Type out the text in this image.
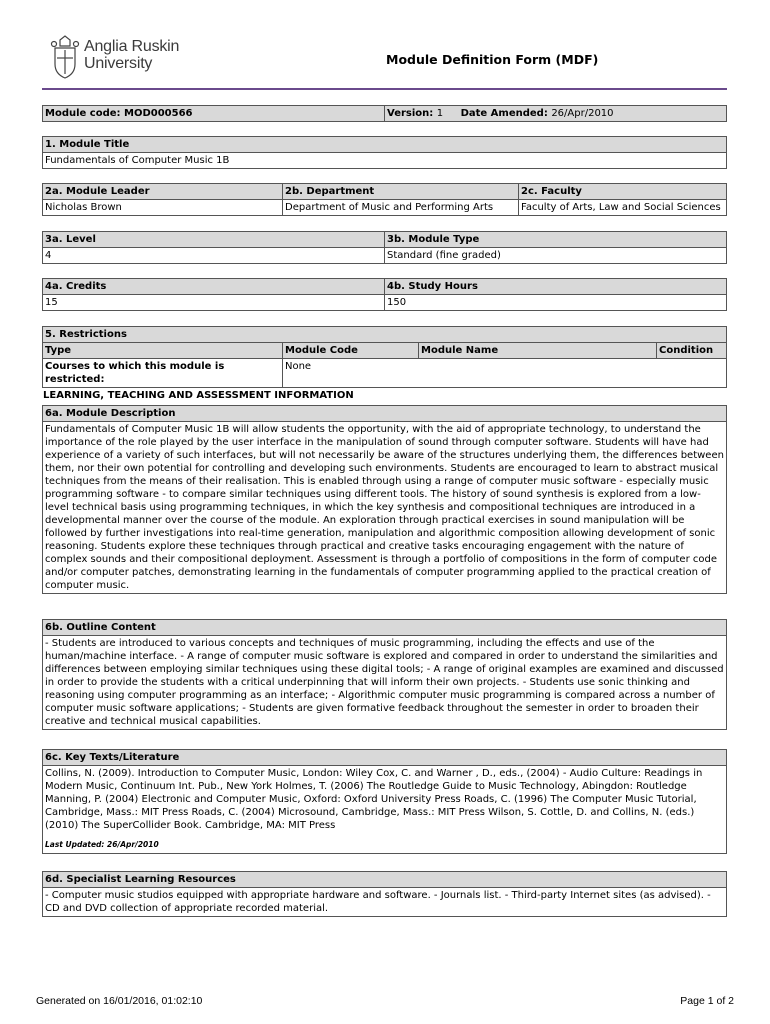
Anglia Ruskin
University	Module Definition Form (MDF)
Module code: MOD000566	Version: 1 Date Amended: 26/Apr/2010
1. Module Title
Fundamentals of Computer Music 1B
2a. Module Leader	2b. Department	2c. Faculty
Nicholas Brown	Department of Music and Performing Arts	Faculty of Arts, Law and Social Sciences
3a. Level	3b. Module Type
4	Standard (fine graded)
4a. Credits	4b. Study Hours
15	150
5. Restrictions			
Type	Module Code	Module Name	Condition
Courses to which this module is restricted:	None		
LEARNING, TEACHING AND ASSESSMENT INFORMATION
6a. Module Description
Fundamentals of Computer Music 1B will allow students the opportunity, with the aid of appropriate technology, to understand the importance of the role played by the user interface in the manipulation of sound through computer software. Students will have had experience of a variety of such interfaces, but will not necessarily be aware of the structures underlying them, the differences between them, nor their own potential for controlling and developing such environments. Students are encouraged to learn to abstract musical techniques from the means of their realisation. This is enabled through using a range of computer music software - especially music programming software - to compare similar techniques using different tools. The history of sound synthesis is explored from a low-level technical basis using programming techniques, in which the key synthesis and compositional techniques are introduced in a developmental manner over the course of the module. An exploration through practical exercises in sound manipulation will be followed by further investigations into real-time generation, manipulation and algorithmic composition allowing development of sonic reasoning. Students explore these techniques through practical and creative tasks encouraging engagement with the nature of complex sounds and their compositional deployment. Assessment is through a portfolio of compositions in the form of computer code and/or computer patches, demonstrating learning in the fundamentals of computer programming applied to the practical creation of computer music.
6b. Outline Content
- Students are introduced to various concepts and techniques of music programming, including the effects and use of the human/machine interface. - A range of computer music software is explored and compared in order to understand the similarities and differences between employing similar techniques using these digital tools; - A range of original examples are examined and discussed in order to provide the students with a critical underpinning that will inform their own projects. - Students use sonic thinking and reasoning using computer programming as an interface; - Algorithmic computer music programming is compared across a number of computer music software applications; - Students are given formative feedback throughout the semester in order to broaden their creative and technical musical capabilities.
6c. Key Texts/Literature
Collins, N. (2009). Introduction to Computer Music, London: Wiley Cox, C. and Warner , D., eds., (2004) - Audio Culture: Readings in Modern Music, Continuum Int. Pub., New York Holmes, T. (2006) The Routledge Guide to Music Technology, Abingdon: Routledge Manning, P. (2004) Electronic and Computer Music, Oxford: Oxford University Press Roads, C. (1996) The Computer Music Tutorial, Cambridge, Mass.: MIT Press Roads, C. (2004) Microsound, Cambridge, Mass.: MIT Press Wilson, S. Cottle, D. and Collins, N. (eds.) (2010) The SuperCollider Book. Cambridge, MA: MIT Press
Last Updated: 26/Apr/2010
6d. Specialist Learning Resources
- Computer music studios equipped with appropriate hardware and software. - Journals list. - Third-party Internet sites (as advised). - CD and DVD collection of appropriate recorded material.
Generated on 16/01/2016, 01:02:10	Page 1 of 2
